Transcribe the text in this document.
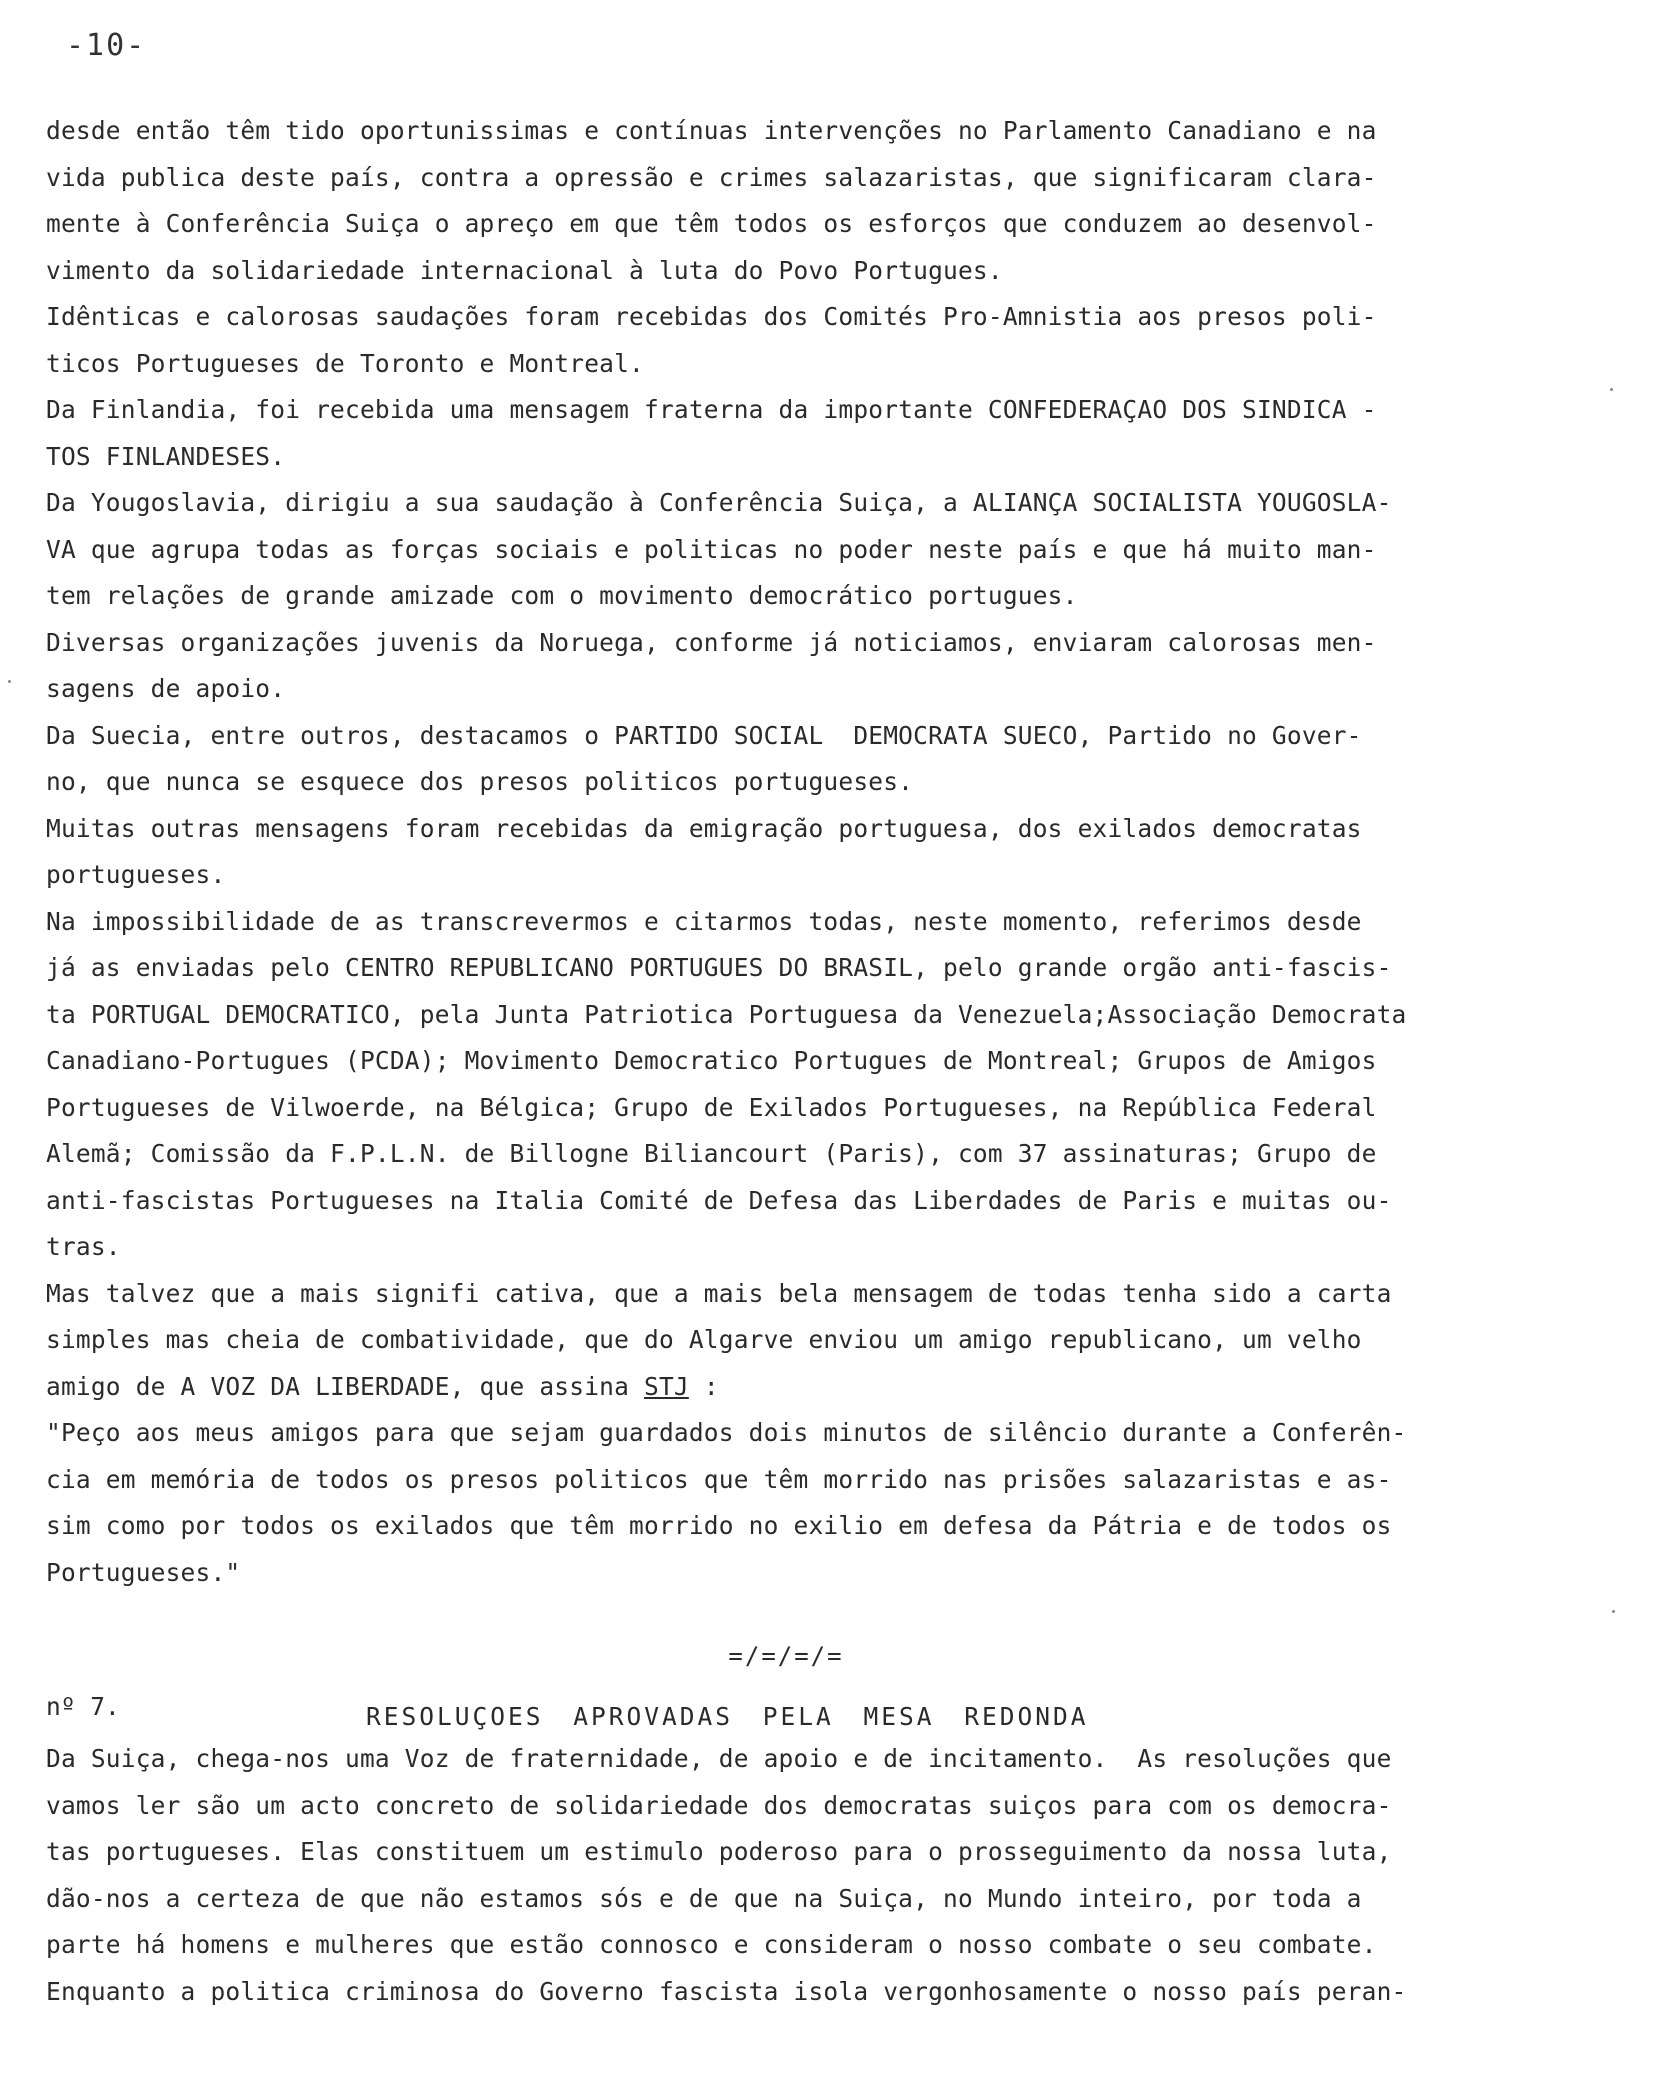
-10-
desde então têm tido oportunissimas e contínuas intervenções no Parlamento Canadiano e na
vida publica deste país, contra a opressão e crimes salazaristas, que significaram clara-
mente à Conferência Suiça o apreço em que têm todos os esforços que conduzem ao desenvol-
vimento da solidariedade internacional à luta do Povo Portugues.
Idênticas e calorosas saudações foram recebidas dos Comités Pro-Amnistia aos presos poli-
ticos Portugueses de Toronto e Montreal.
Da Finlandia, foi recebida uma mensagem fraterna da importante CONFEDERAÇAO DOS SINDICA -
TOS FINLANDESES.
Da Yougoslavia, dirigiu a sua saudação à Conferência Suiça, a ALIANÇA SOCIALISTA YOUGOSLA-
VA que agrupa todas as forças sociais e politicas no poder neste país e que há muito man-
tem relações de grande amizade com o movimento democrático portugues.
Diversas organizações juvenis da Noruega, conforme já noticiamos, enviaram calorosas men-
sagens de apoio.
Da Suecia, entre outros, destacamos o PARTIDO SOCIAL  DEMOCRATA SUECO, Partido no Gover-
no, que nunca se esquece dos presos politicos portugueses.
Muitas outras mensagens foram recebidas da emigração portuguesa, dos exilados democratas
portugueses.
Na impossibilidade de as transcrevermos e citarmos todas, neste momento, referimos desde
já as enviadas pelo CENTRO REPUBLICANO PORTUGUES DO BRASIL, pelo grande orgão anti-fascis-
ta PORTUGAL DEMOCRATICO, pela Junta Patriotica Portuguesa da Venezuela;Associação Democrata
Canadiano-Portugues (PCDA); Movimento Democratico Portugues de Montreal; Grupos de Amigos
Portugueses de Vilwoerde, na Bélgica; Grupo de Exilados Portugueses, na República Federal
Alemã; Comissão da F.P.L.N. de Billogne Biliancourt (Paris), com 37 assinaturas; Grupo de
anti-fascistas Portugueses na Italia Comité de Defesa das Liberdades de Paris e muitas ou-
tras.
Mas talvez que a mais signifi cativa, que a mais bela mensagem de todas tenha sido a carta
simples mas cheia de combatividade, que do Algarve enviou um amigo republicano, um velho
amigo de A VOZ DA LIBERDADE, que assina STJ :
"Peço aos meus amigos para que sejam guardados dois minutos de silêncio durante a Conferên-
cia em memória de todos os presos politicos que têm morrido nas prisões salazaristas e as-
sim como por todos os exilados que têm morrido no exilio em defesa da Pátria e de todos os
Portugueses."
=/=/=/=
nº 7.	RESOLUÇOES APROVADAS PELA MESA REDONDA
Da Suiça, chega-nos uma Voz de fraternidade, de apoio e de incitamento.  As resoluções que
vamos ler são um acto concreto de solidariedade dos democratas suiços para com os democra-
tas portugueses. Elas constituem um estimulo poderoso para o prosseguimento da nossa luta,
dão-nos a certeza de que não estamos sós e de que na Suiça, no Mundo inteiro, por toda a
parte há homens e mulheres que estão connosco e consideram o nosso combate o seu combate.
Enquanto a politica criminosa do Governo fascista isola vergonhosamente o nosso país peran-
